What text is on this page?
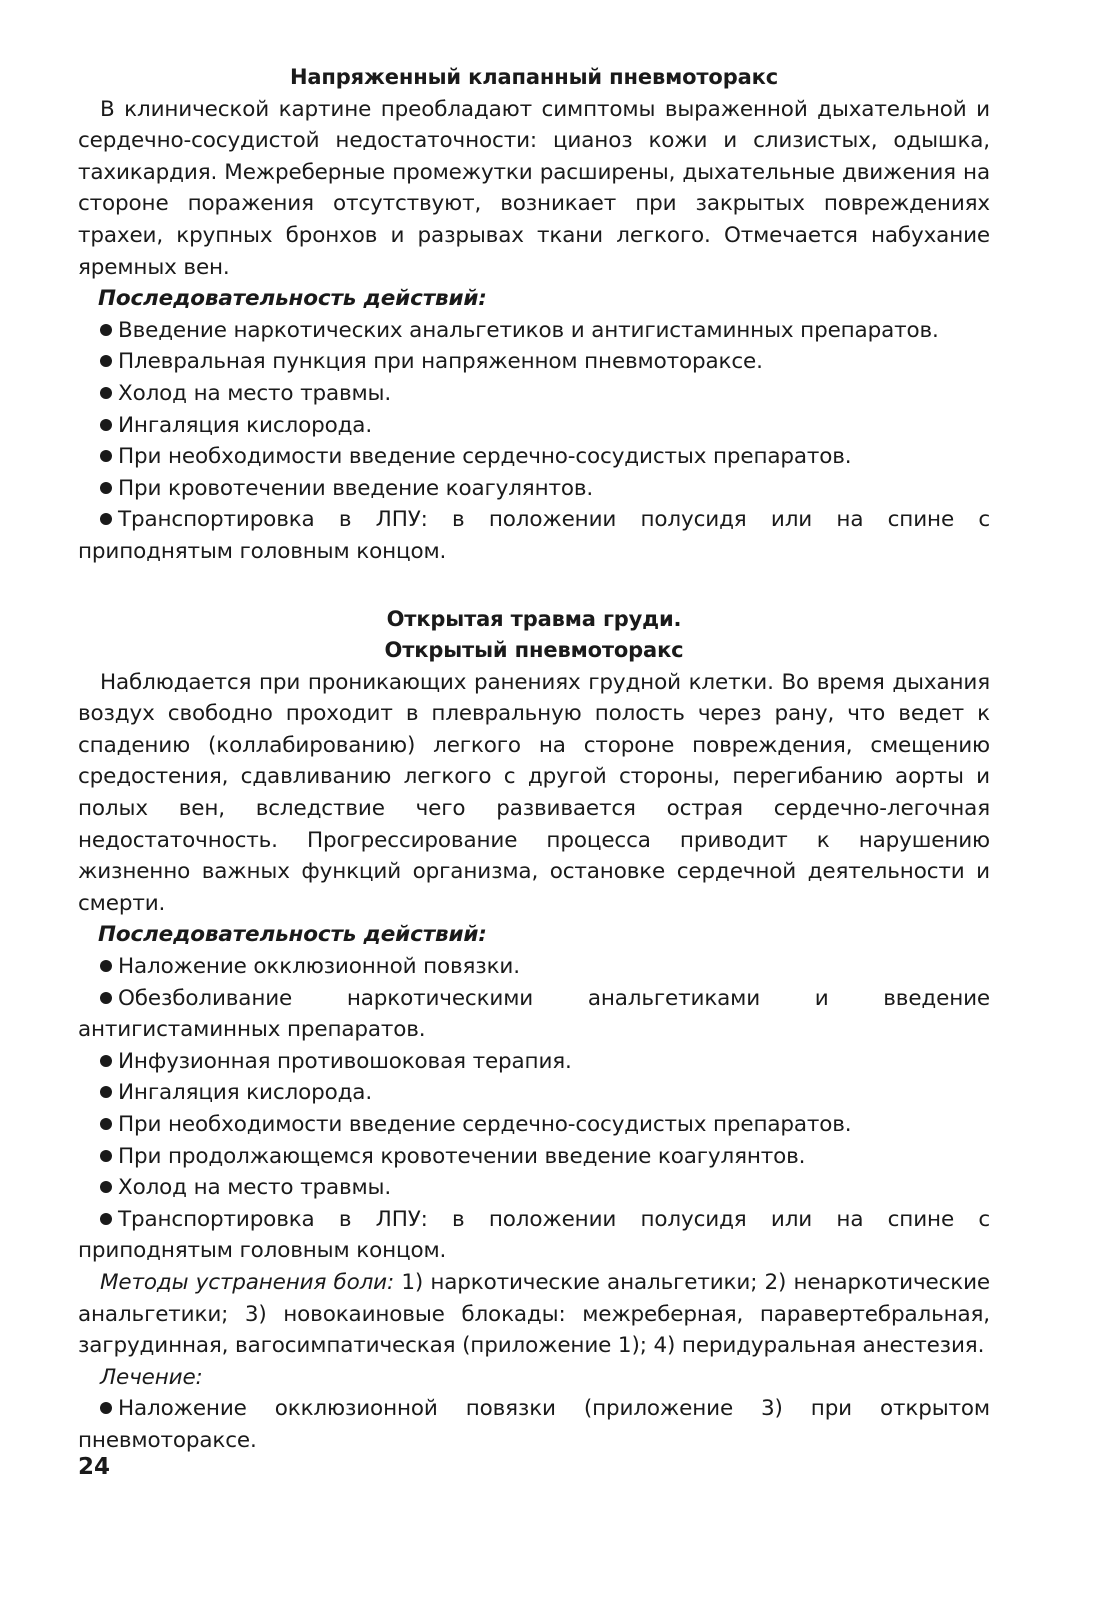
Напряженный клапанный пневмоторакс

В клинической картине преобладают симптомы выраженной дыхательной и сердечно-сосудистой недостаточности: цианоз кожи и слизистых, одышка, тахикардия. Межреберные промежутки расширены, дыхательные движения на стороне поражения отсутствуют, возникает при закрытых повреждениях трахеи, крупных бронхов и разрывах ткани легкого. Отмечается набухание яремных вен.

Последовательность действий:

Введение наркотических анальгетиков и антигистаминных препаратов.

Плевральная пункция при напряженном пневмотораксе.

Холод на место травмы.

Ингаляция кислорода.

При необходимости введение сердечно-сосудистых препаратов.

При кровотечении введение коагулянтов.

Транспортировка в ЛПУ: в положении полусидя или на спине с приподнятым головным концом.

Открытая травма груди.

Открытый пневмоторакс

Наблюдается при проникающих ранениях грудной клетки. Во время дыхания воздух свободно проходит в плевральную полость через рану, что ведет к спадению (коллабированию) легкого на стороне повреждения, смещению средостения, сдавливанию легкого с другой стороны, перегибанию аорты и полых вен, вследствие чего развивается острая сердечно-легочная недостаточность. Прогрессирование процесса приводит к нарушению жизненно важных функций организма, остановке сердечной деятельности и смерти.

Последовательность действий:

Наложение окклюзионной повязки.

Обезболивание наркотическими анальгетиками и введение антигистаминных препаратов.

Инфузионная противошоковая терапия.

Ингаляция кислорода.

При необходимости введение сердечно-сосудистых препаратов.

При продолжающемся кровотечении введение коагулянтов.

Холод на место травмы.

Транспортировка в ЛПУ: в положении полусидя или на спине с приподнятым головным концом.

Методы устранения боли: 1) наркотические анальгетики; 2) ненаркотические анальгетики; 3) новокаиновые блокады: межреберная, паравертебральная, загрудинная, вагосимпатическая (приложение 1); 4) перидуральная анестезия.

Лечение:

Наложение окклюзионной повязки (приложение 3) при открытом пневмотораксе.

24
